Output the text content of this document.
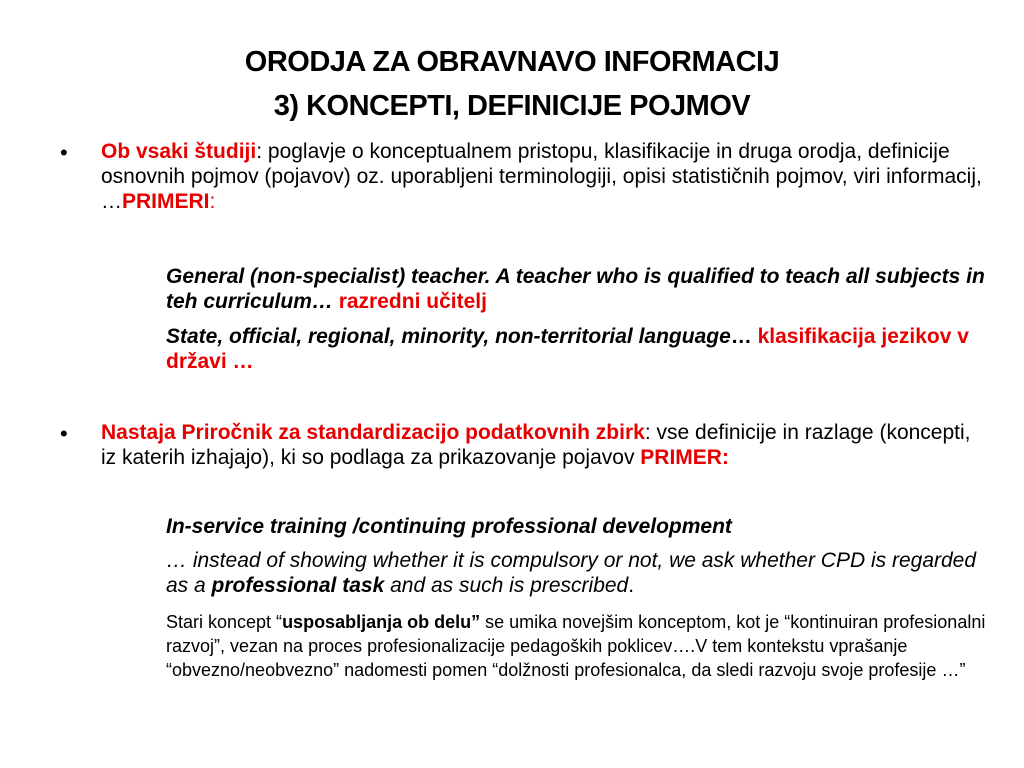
ORODJA ZA OBRAVNAVO INFORMACIJ
3) KONCEPTI, DEFINICIJE POJMOV
• Ob vsaki študiji: poglavje o konceptualnem pristopu, klasifikacije in druga orodja, definicije osnovnih pojmov (pojavov) oz. uporabljeni terminologiji, opisi statističnih pojmov, viri informacij, …PRIMERI:
General (non-specialist) teacher. A teacher who is qualified to teach all subjects in teh curriculum… razredni učitelj
State, official, regional, minority, non-territorial language… klasifikacija jezikov v državi …
• Nastaja Priročnik za standardizacijo podatkovnih zbirk: vse definicije in razlage (koncepti, iz katerih izhajajo), ki so podlaga za prikazovanje pojavov PRIMER:
In-service training /continuing professional development
… instead of showing whether it is compulsory or not, we ask whether CPD is regarded as a professional task and as such is prescribed.
Stari koncept “usposabljanja ob delu” se umika novejšim konceptom, kot je “kontinuiran profesionalni razvoj”, vezan na proces profesionalizacije pedagoških poklicev….V tem kontekstu vprašanje “obvezno/neobvezno” nadomesti pomen “dolžnosti profesionalca, da sledi razvoju svoje profesije …”
